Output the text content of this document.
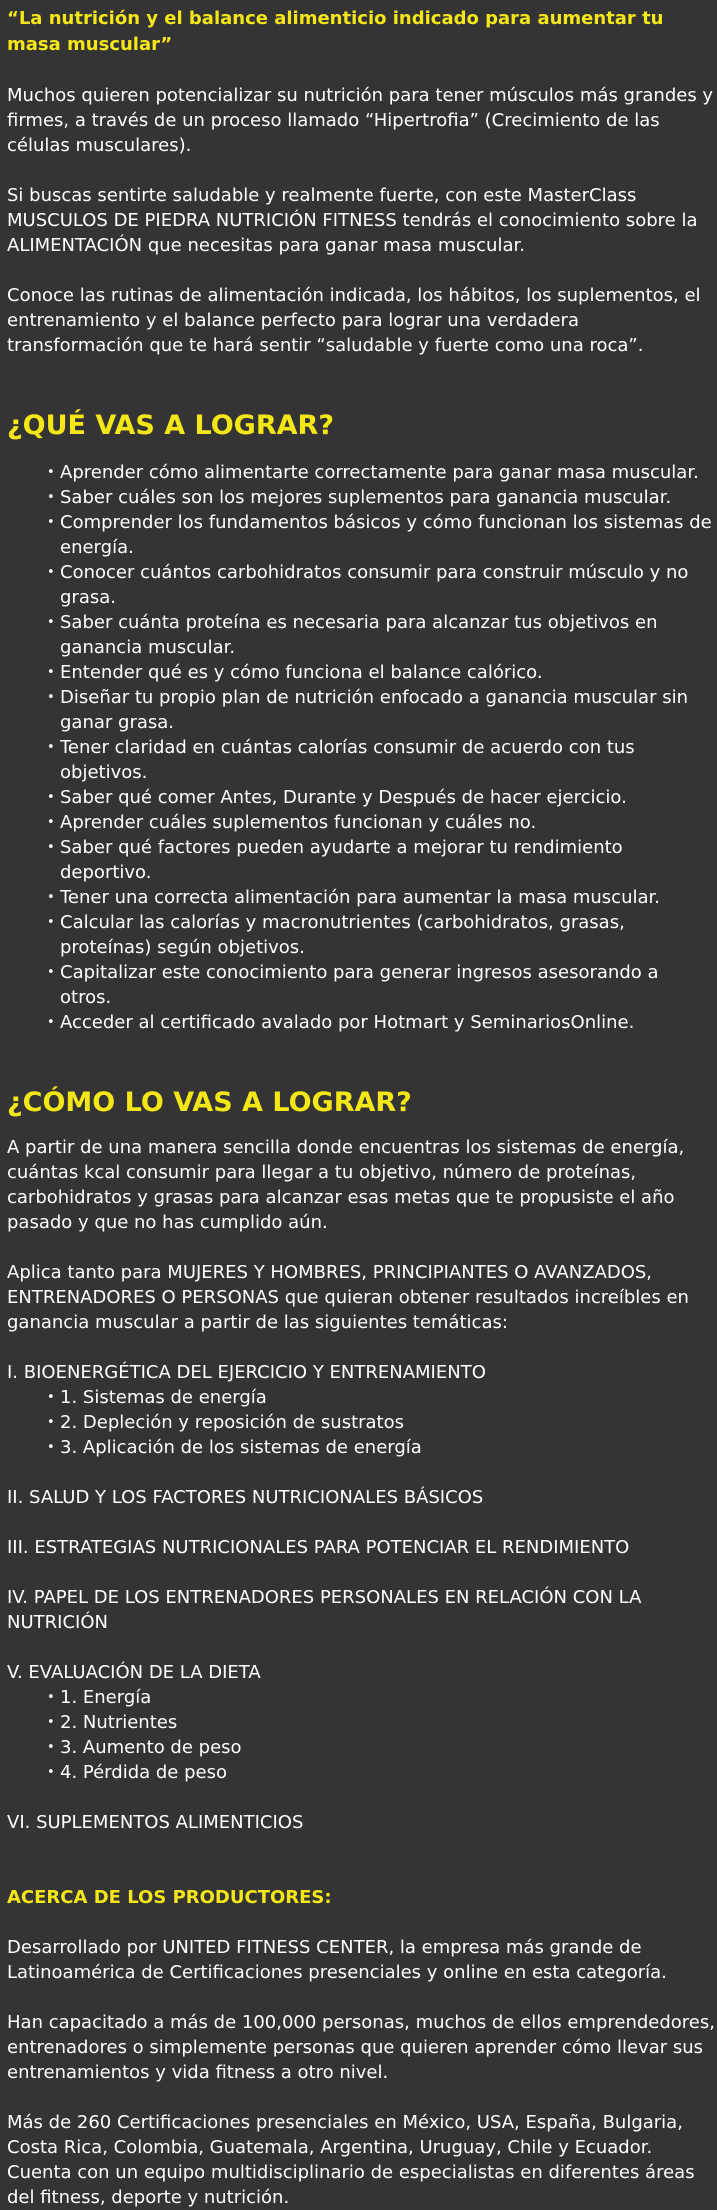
“La nutrición y el balance alimenticio indicado para aumentar tu masa muscular”

Muchos quieren potencializar su nutrición para tener músculos más grandes y firmes, a través de un proceso llamado “Hipertrofia” (Crecimiento de las células musculares).

Si buscas sentirte saludable y realmente fuerte, con este MasterClass MUSCULOS DE PIEDRA NUTRICIÓN FITNESS tendrás el conocimiento sobre la ALIMENTACIÓN que necesitas para ganar masa muscular.

Conoce las rutinas de alimentación indicada, los hábitos, los suplementos, el entrenamiento y el balance perfecto para lograr una verdadera transformación que te hará sentir “saludable y fuerte como una roca”.

¿QUÉ VAS A LOGRAR?
• Aprender cómo alimentarte correctamente para ganar masa muscular.
• Saber cuáles son los mejores suplementos para ganancia muscular.
• Comprender los fundamentos básicos y cómo funcionan los sistemas de energía.
• Conocer cuántos carbohidratos consumir para construir músculo y no grasa.
• Saber cuánta proteína es necesaria para alcanzar tus objetivos en ganancia muscular.
• Entender qué es y cómo funciona el balance calórico.
• Diseñar tu propio plan de nutrición enfocado a ganancia muscular sin ganar grasa.
• Tener claridad en cuántas calorías consumir de acuerdo con tus objetivos.
• Saber qué comer Antes, Durante y Después de hacer ejercicio.
• Aprender cuáles suplementos funcionan y cuáles no.
• Saber qué factores pueden ayudarte a mejorar tu rendimiento deportivo.
• Tener una correcta alimentación para aumentar la masa muscular.
• Calcular las calorías y macronutrientes (carbohidratos, grasas, proteínas) según objetivos.
• Capitalizar este conocimiento para generar ingresos asesorando a otros.
• Acceder al certificado avalado por Hotmart y SeminariosOnline.
¿CÓMO LO VAS A LOGRAR?

A partir de una manera sencilla donde encuentras los sistemas de energía, cuántas kcal consumir para llegar a tu objetivo, número de proteínas, carbohidratos y grasas para alcanzar esas metas que te propusiste el año pasado y que no has cumplido aún.

Aplica tanto para MUJERES Y HOMBRES, PRINCIPIANTES O AVANZADOS, ENTRENADORES O PERSONAS que quieran obtener resultados increíbles en ganancia muscular a partir de las siguientes temáticas:

I. BIOENERGÉTICA DEL EJERCICIO Y ENTRENAMIENTO

• 1. Sistemas de energía
• 2. Depleción y reposición de sustratos
• 3. Aplicación de los sistemas de energía

II. SALUD Y LOS FACTORES NUTRICIONALES BÁSICOS

III. ESTRATEGIAS NUTRICIONALES PARA POTENCIAR EL RENDIMIENTO

IV. PAPEL DE LOS ENTRENADORES PERSONALES EN RELACIÓN CON LA NUTRICIÓN

V. EVALUACIÓN DE LA DIETA

• 1. Energía
• 2. Nutrientes
• 3. Aumento de peso
• 4. Pérdida de peso

VI. SUPLEMENTOS ALIMENTICIOS

ACERCA DE LOS PRODUCTORES:

Desarrollado por UNITED FITNESS CENTER, la empresa más grande de Latinoamérica de Certificaciones presenciales y online en esta categoría.

Han capacitado a más de 100,000 personas, muchos de ellos emprendedores, entrenadores o simplemente personas que quieren aprender cómo llevar sus entrenamientos y vida fitness a otro nivel.

Más de 260 Certificaciones presenciales en México, USA, España, Bulgaria, Costa Rica, Colombia, Guatemala, Argentina, Uruguay, Chile y Ecuador. Cuenta con un equipo multidisciplinario de especialistas en diferentes áreas del fitness, deporte y nutrición.
